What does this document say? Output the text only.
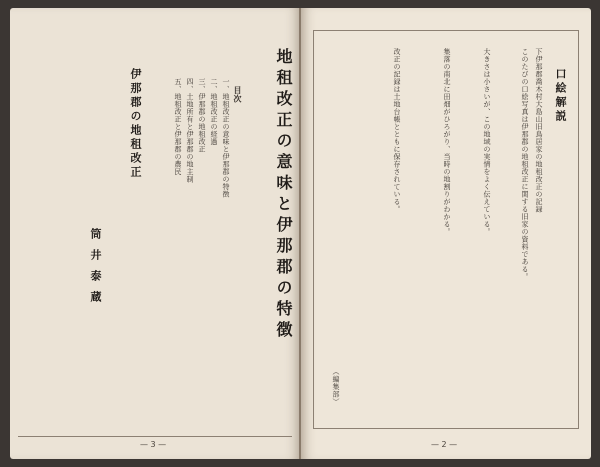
地租改正の意味と伊那郡の特徴
目次
一、地租改正の意味と伊那郡の特徴
二、地租改正の経過
三、伊那郡の地租改正
四、土地所有と伊那郡の地主制
五、地租改正と伊那郡の農民
伊那郡の地租改正
筒井泰蔵
— 3 —
口絵解説
下伊那郡喬木村大島山旧鳥居家の地租改正の記録
このたびの口絵写真は伊那郡の地租改正に関する旧家の資料である。
大きさは小さいが、この地域の実情をよく伝えている。
集落の南北に田畑がひろがり、当時の地割りがわかる。
改正の記録は土地台帳とともに保存されている。
（編集部）
— 2 —
